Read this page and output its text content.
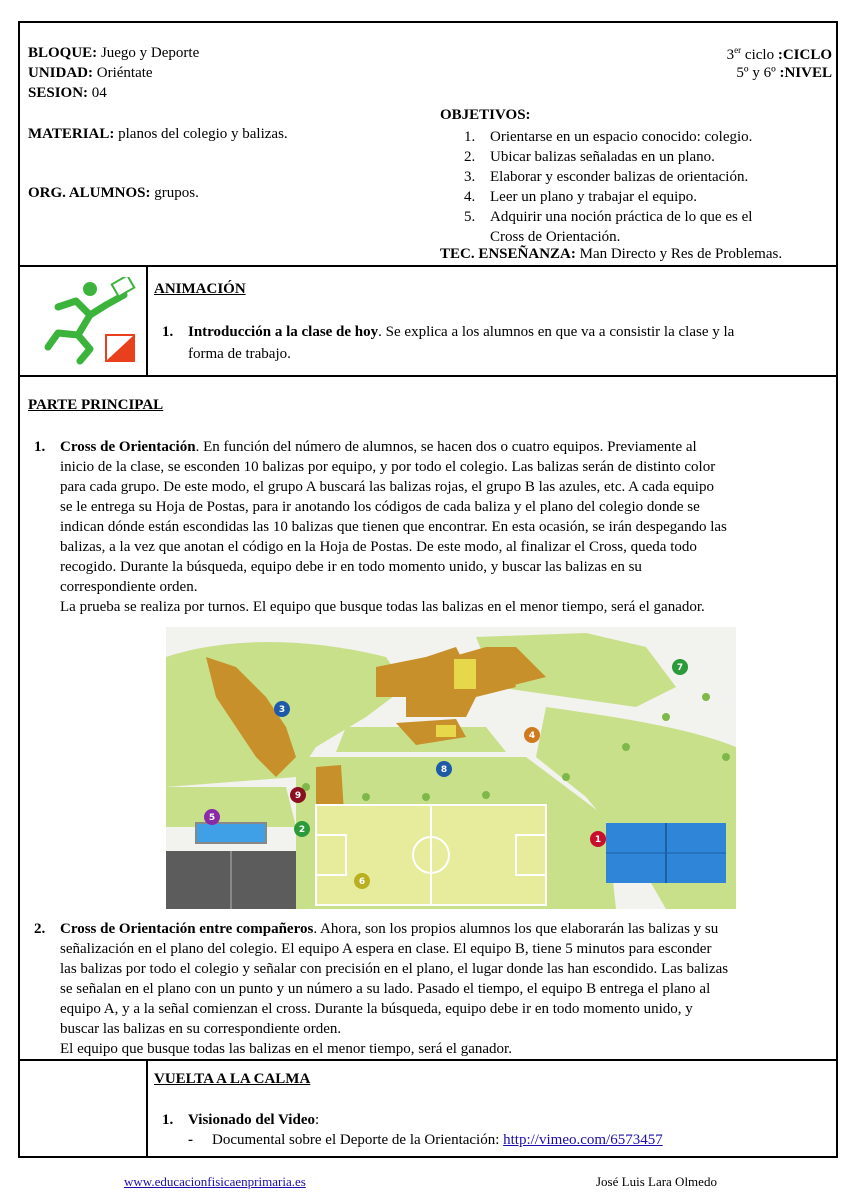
BLOQUE: Juego y Deporte
UNIDAD: Oriéntate
SESION: 04
3er ciclo :CICLO
5º y 6º :NIVEL
MATERIAL: planos del colegio y balizas.
ORG. ALUMNOS: grupos.
OBJETIVOS:
1. Orientarse en un espacio conocido: colegio.
2. Ubicar balizas señaladas en un plano.
3. Elaborar y esconder balizas de orientación.
4. Leer un plano y trabajar el equipo.
5. Adquirir una noción práctica de lo que es el
Cross de Orientación.
TEC. ENSEÑANZA: Man Directo y Res de Problemas.
ANIMACIÓN
1. Introducción a la clase de hoy. Se explica a los alumnos en que va a consistir la clase y la
forma de trabajo.
PARTE PRINCIPAL
1. Cross de Orientación. En función del número de alumnos, se hacen dos o cuatro equipos. Previamente al
inicio de la clase, se esconden 10 balizas por equipo, y por todo el colegio. Las balizas serán de distinto color
para cada grupo. De este modo, el grupo A buscará las balizas rojas, el grupo B las azules, etc. A cada equipo
se le entrega su Hoja de Postas, para ir anotando los códigos de cada baliza y el plano del colegio donde se
indican dónde están escondidas las 10 balizas que tienen que encontrar. En esta ocasión, se irán despegando las
balizas, a la vez que anotan el código en la Hoja de Postas. De este modo, al finalizar el Cross, queda todo
recogido. Durante la búsqueda, equipo debe ir en todo momento unido, y buscar las balizas en su
correspondiente orden.
La prueba se realiza por turnos. El equipo que busque todas las balizas en el menor tiempo, será el ganador.
1
2
3
4
5
6
7
8
9
2. Cross de Orientación entre compañeros. Ahora, son los propios alumnos los que elaborarán las balizas y su
señalización en el plano del colegio. El equipo A espera en clase. El equipo B, tiene 5 minutos para esconder
las balizas por todo el colegio y señalar con precisión en el plano, el lugar donde las han escondido. Las balizas
se señalan en el plano con un punto y un número a su lado. Pasado el tiempo, el equipo B entrega el plano al
equipo A, y a la señal comienzan el cross. Durante la búsqueda, equipo debe ir en todo momento unido, y
buscar las balizas en su correspondiente orden.
El equipo que busque todas las balizas en el menor tiempo, será el ganador.
VUELTA A LA CALMA
1. Visionado del Video:
- Documental sobre el Deporte de la Orientación: http://vimeo.com/6573457
www.educacionfisicaenprimaria.es	José Luis Lara Olmedo
